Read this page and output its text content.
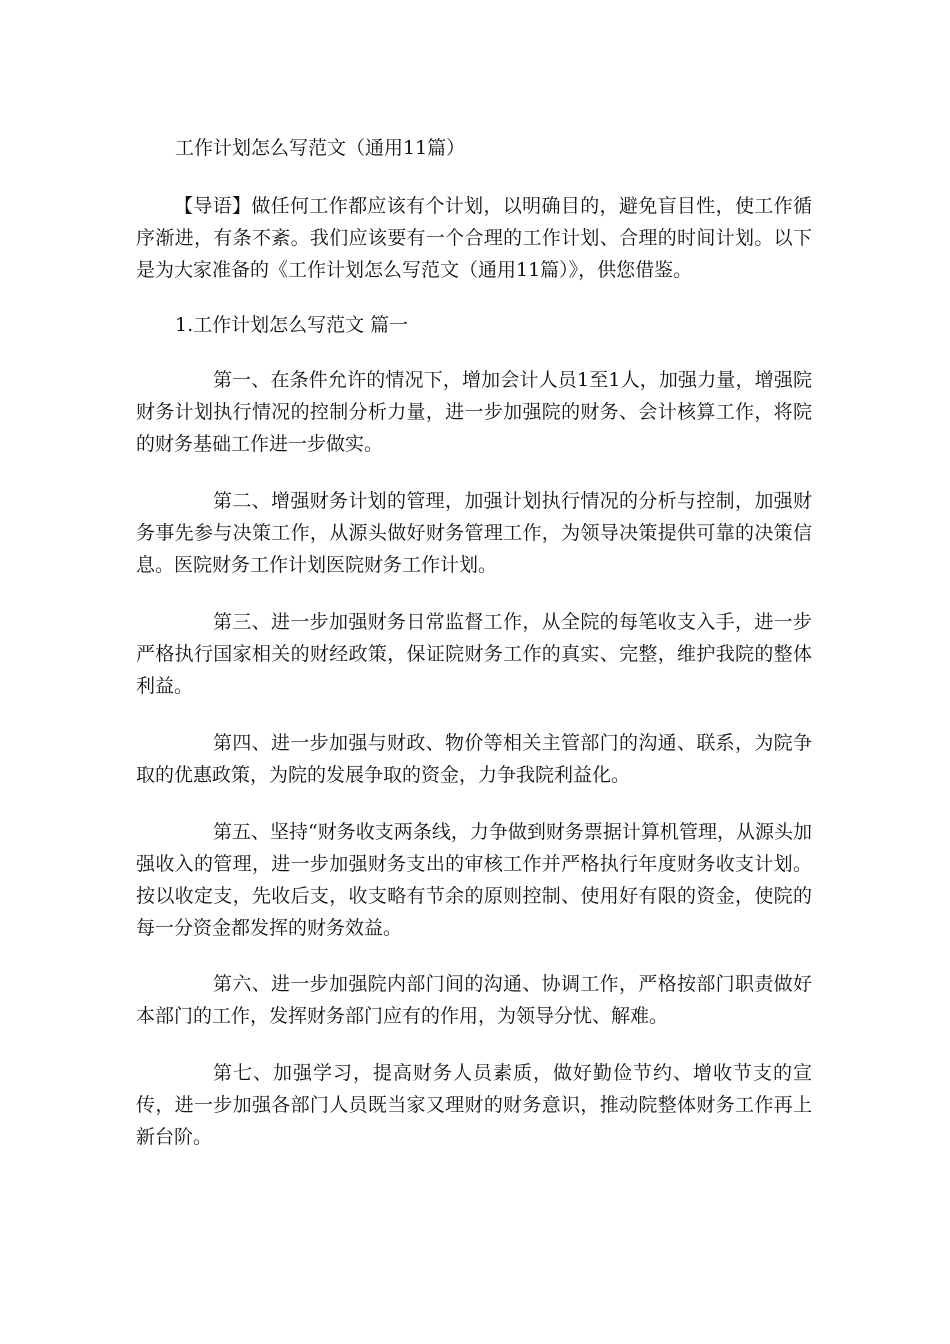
工作计划怎么写范文（通用11篇）

【导语】做任何工作都应该有个计划，以明确目的，避免盲目性，使工作循序渐进，有条不紊。我们应该要有一个合理的工作计划、合理的时间计划。以下是为大家准备的《工作计划怎么写范文（通用11篇）》，供您借鉴。

1.工作计划怎么写范文 篇一

第一、在条件允许的情况下，增加会计人员1至1人，加强力量，增强院财务计划执行情况的控制分析力量，进一步加强院的财务、会计核算工作，将院的财务基础工作进一步做实。

第二、增强财务计划的管理，加强计划执行情况的分析与控制，加强财务事先参与决策工作，从源头做好财务管理工作，为领导决策提供可靠的决策信息。医院财务工作计划医院财务工作计划。

第三、进一步加强财务日常监督工作，从全院的每笔收支入手，进一步严格执行国家相关的财经政策，保证院财务工作的真实、完整，维护我院的整体利益。

第四、进一步加强与财政、物价等相关主管部门的沟通、联系，为院争取的优惠政策，为院的发展争取的资金，力争我院利益化。

第五、坚持“财务收支两条线，力争做到财务票据计算机管理，从源头加强收入的管理，进一步加强财务支出的审核工作并严格执行年度财务收支计划。按以收定支，先收后支，收支略有节余的原则控制、使用好有限的资金，使院的每一分资金都发挥的财务效益。

第六、进一步加强院内部门间的沟通、协调工作，严格按部门职责做好本部门的工作，发挥财务部门应有的作用，为领导分忧、解难。

第七、加强学习，提高财务人员素质，做好勤俭节约、增收节支的宣传，进一步加强各部门人员既当家又理财的财务意识，推动院整体财务工作再上新台阶。
